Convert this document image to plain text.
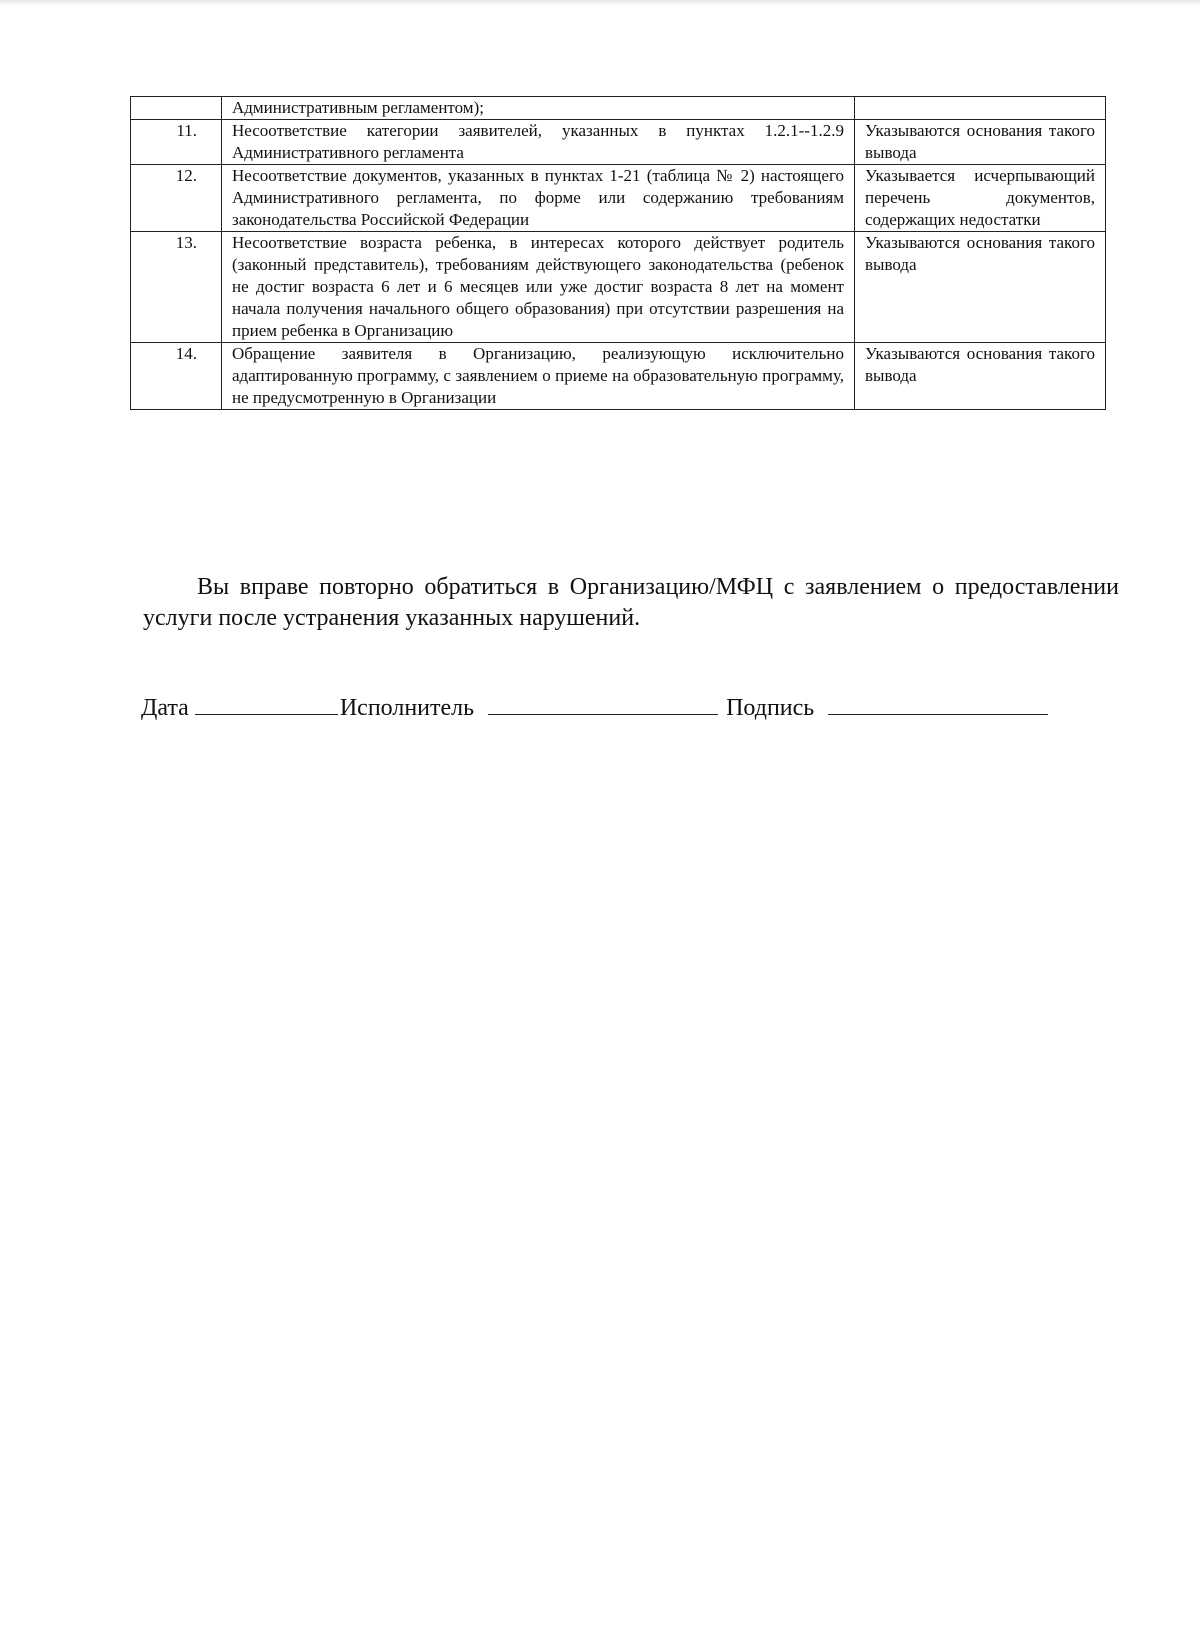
	Административным регламентом);	
11.	Несоответствие категории заявителей, указанных в пунктах 1.2.1--1.2.9 Административного регламента	Указываются основания такого вывода
12.	Несоответствие документов, указанных в пунктах 1-21 (таблица № 2) настоящего Административного регламента, по форме или содержанию требованиям законодательства Российской Федерации	Указывается исчерпывающий перечень документов, содержащих недостатки
13.	Несоответствие возраста ребенка, в интересах которого действует родитель (законный представитель), требованиям действующего законодательства (ребенок не достиг возраста 6 лет и 6 месяцев или уже достиг возраста 8 лет на момент начала получения начального общего образования) при отсутствии разрешения на прием ребенка в Организацию	Указываются основания такого вывода
14.	Обращение заявителя в Организацию, реализующую исключительно адаптированную программу, с заявлением о приеме на образовательную программу, не предусмотренную в Организации	Указываются основания такого вывода

Вы вправе повторно обратиться в Организацию/МФЦ с заявлением о предоставлении услуги после устранения указанных нарушений.

Дата	Исполнитель	Подпись
